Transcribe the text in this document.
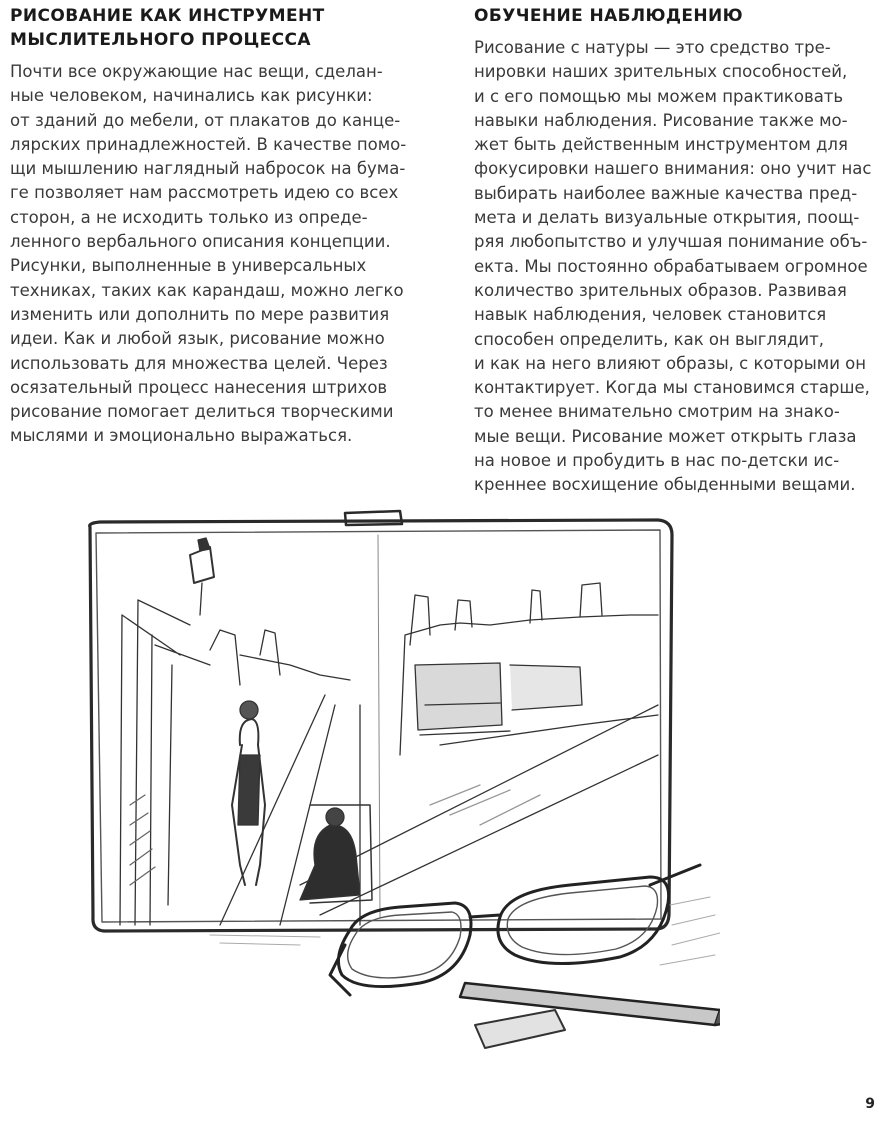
РИСОВАНИЕ КАК ИНСТРУМЕНТ
МЫСЛИТЕЛЬНОГО ПРОЦЕССА

Почти все окружающие нас вещи, сделан-
ные человеком, начинались как рисунки:
от зданий до мебели, от плакатов до канце-
лярских принадлежностей. В качестве помо-
щи мышлению наглядный набросок на бума-
ге позволяет нам рассмотреть идею со всех
сторон, а не исходить только из опреде-
ленного вербального описания концепции.
Рисунки, выполненные в универсальных
техниках, таких как карандаш, можно легко
изменить или дополнить по мере развития
идеи. Как и любой язык, рисование можно
использовать для множества целей. Через
осязательный процесс нанесения штрихов
рисование помогает делиться творческими
мыслями и эмоционально выражаться.

ОБУЧЕНИЕ НАБЛЮДЕНИЮ

Рисование с натуры — это средство тре-
нировки наших зрительных способностей,
и с его помощью мы можем практиковать
навыки наблюдения. Рисование также мо-
жет быть действенным инструментом для
фокусировки нашего внимания: оно учит нас
выбирать наиболее важные качества пред-
мета и делать визуальные открытия, поощ-
ряя любопытство и улучшая понимание объ-
екта. Мы постоянно обрабатываем огромное
количество зрительных образов. Развивая
навык наблюдения, человек становится
способен определить, как он выглядит,
и как на него влияют образы, с которыми он
контактирует. Когда мы становимся старше,
то менее внимательно смотрим на знако-
мые вещи. Рисование может открыть глаза
на новое и пробудить в нас по-детски ис-
креннее восхищение обыденными вещами.

9
